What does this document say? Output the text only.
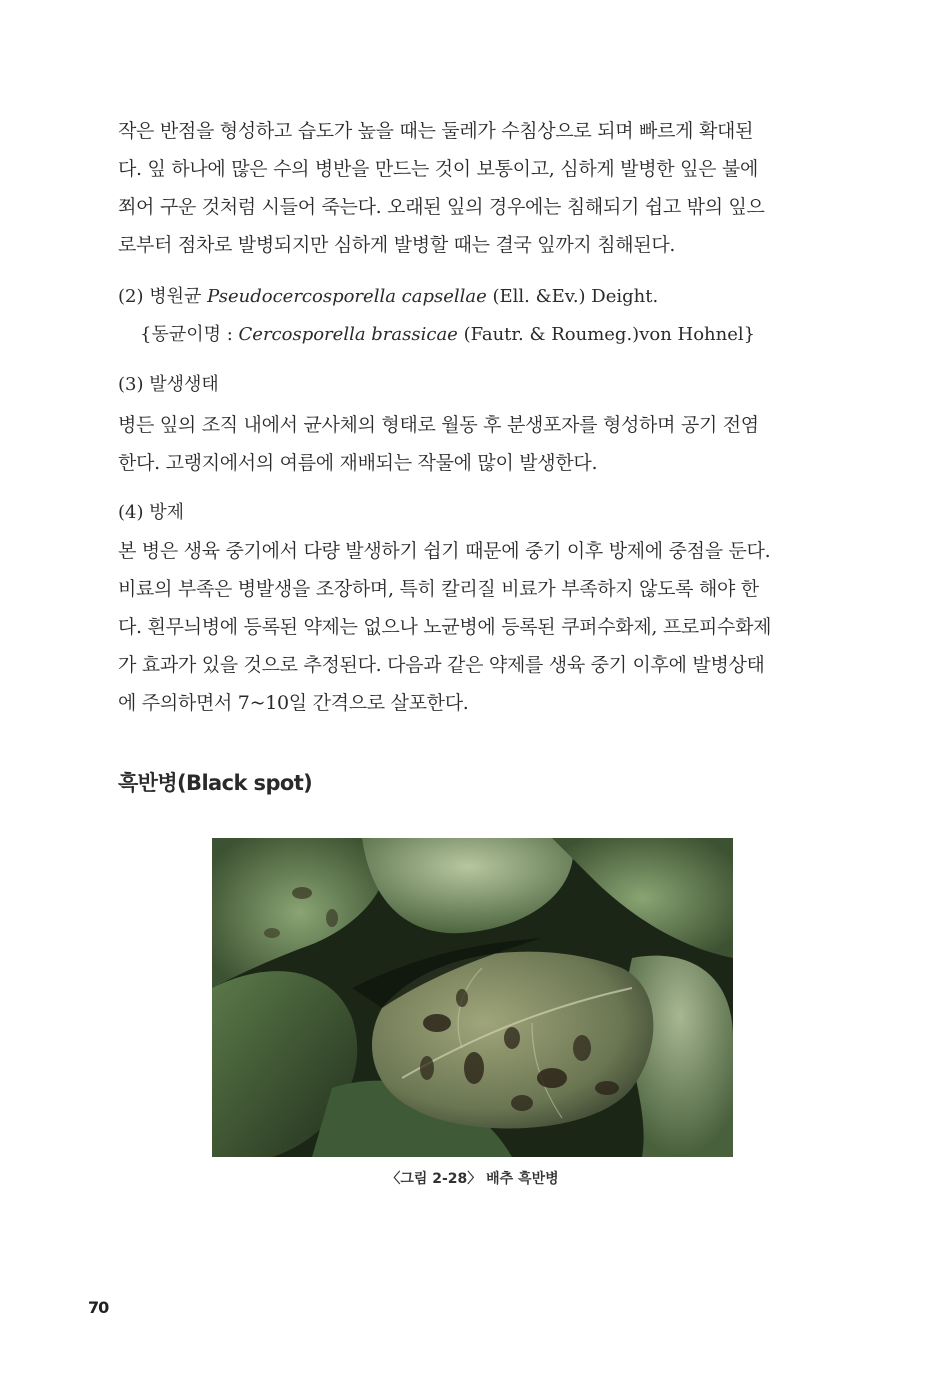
작은 반점을 형성하고 습도가 높을 때는 둘레가 수침상으로 되며 빠르게 확대된
다. 잎 하나에 많은 수의 병반을 만드는 것이 보통이고, 심하게 발병한 잎은 불에
쬐어 구운 것처럼 시들어 죽는다. 오래된 잎의 경우에는 침해되기 쉽고 밖의 잎으
로부터 점차로 발병되지만 심하게 발병할 때는 결국 잎까지 침해된다.

(2) 병원균 Pseudocercosporella capsellae (Ell. &Ev.) Deight.

{동균이명 : Cercosporella brassicae (Fautr. & Roumeg.)von Hohnel}

(3) 발생생태

병든 잎의 조직 내에서 균사체의 형태로 월동 후 분생포자를 형성하며 공기 전염
한다. 고랭지에서의 여름에 재배되는 작물에 많이 발생한다.

(4) 방제

본 병은 생육 중기에서 다량 발생하기 쉽기 때문에 중기 이후 방제에 중점을 둔다.
비료의 부족은 병발생을 조장하며, 특히 칼리질 비료가 부족하지 않도록 해야 한
다. 흰무늬병에 등록된 약제는 없으나 노균병에 등록된 쿠퍼수화제, 프로피수화제
가 효과가 있을 것으로 추정된다. 다음과 같은 약제를 생육 중기 이후에 발병상태
에 주의하면서 7~10일 간격으로 살포한다.

흑반병(Black spot)

〈그림 2-28〉 배추 흑반병

70
